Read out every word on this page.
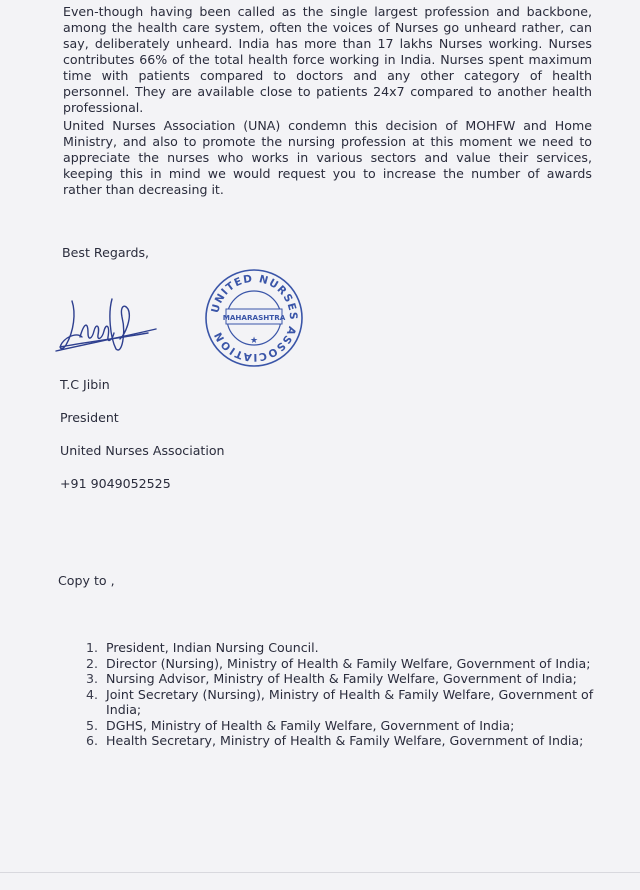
Even-though having been called as the single largest profession and backbone, among the health care system, often the voices of Nurses go unheard rather, can say, deliberately unheard. India has more than 17 lakhs Nurses working. Nurses contributes 66% of the total health force working in India. Nurses spent maximum time with patients compared to doctors and any other category of health personnel. They are available close to patients 24x7 compared to another health professional.

United Nurses Association (UNA) condemn this decision of MOHFW and Home Ministry, and also to promote the nursing profession at this moment we need to appreciate the nurses who works in various sectors and value their services, keeping this in mind we would request you to increase the number of awards rather than decreasing it.

Best Regards,

UNITED NURSES ASSOCIATION
MAHARASHTRA
★

T.C Jibin

President

United Nurses Association

+91 9049052525

Copy to ,

1. President, Indian Nursing Council.
2. Director (Nursing), Ministry of Health & Family Welfare, Government of India;
3. Nursing Advisor, Ministry of Health & Family Welfare, Government of India;
4. Joint Secretary (Nursing), Ministry of Health & Family Welfare, Government of India;
5. DGHS, Ministry of Health & Family Welfare, Government of India;
6. Health Secretary, Ministry of Health & Family Welfare, Government of India;
